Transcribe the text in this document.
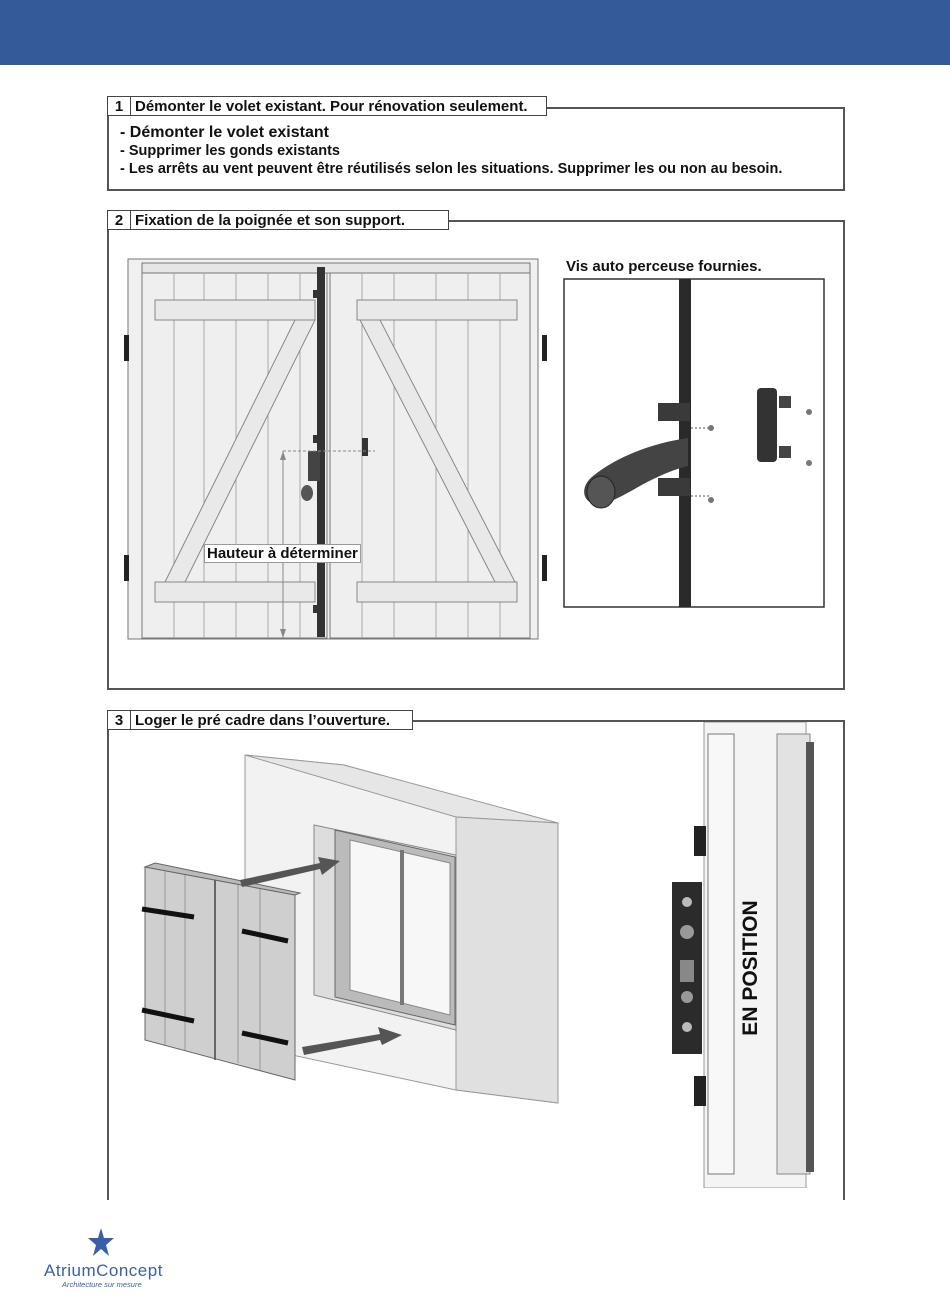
1 Démonter le volet existant. Pour rénovation seulement.
- Démonter le volet existant
- Supprimer les gonds existants
- Les arrêts au vent peuvent être réutilisés selon les situations. Supprimer les ou non au besoin.
2 Fixation de la poignée et son support.
Hauteur à déterminer
Vis auto perceuse fournies.
3 Loger le pré cadre dans l’ouverture.
EN POSITION
AtriumConcept
Architecture sur mesure
